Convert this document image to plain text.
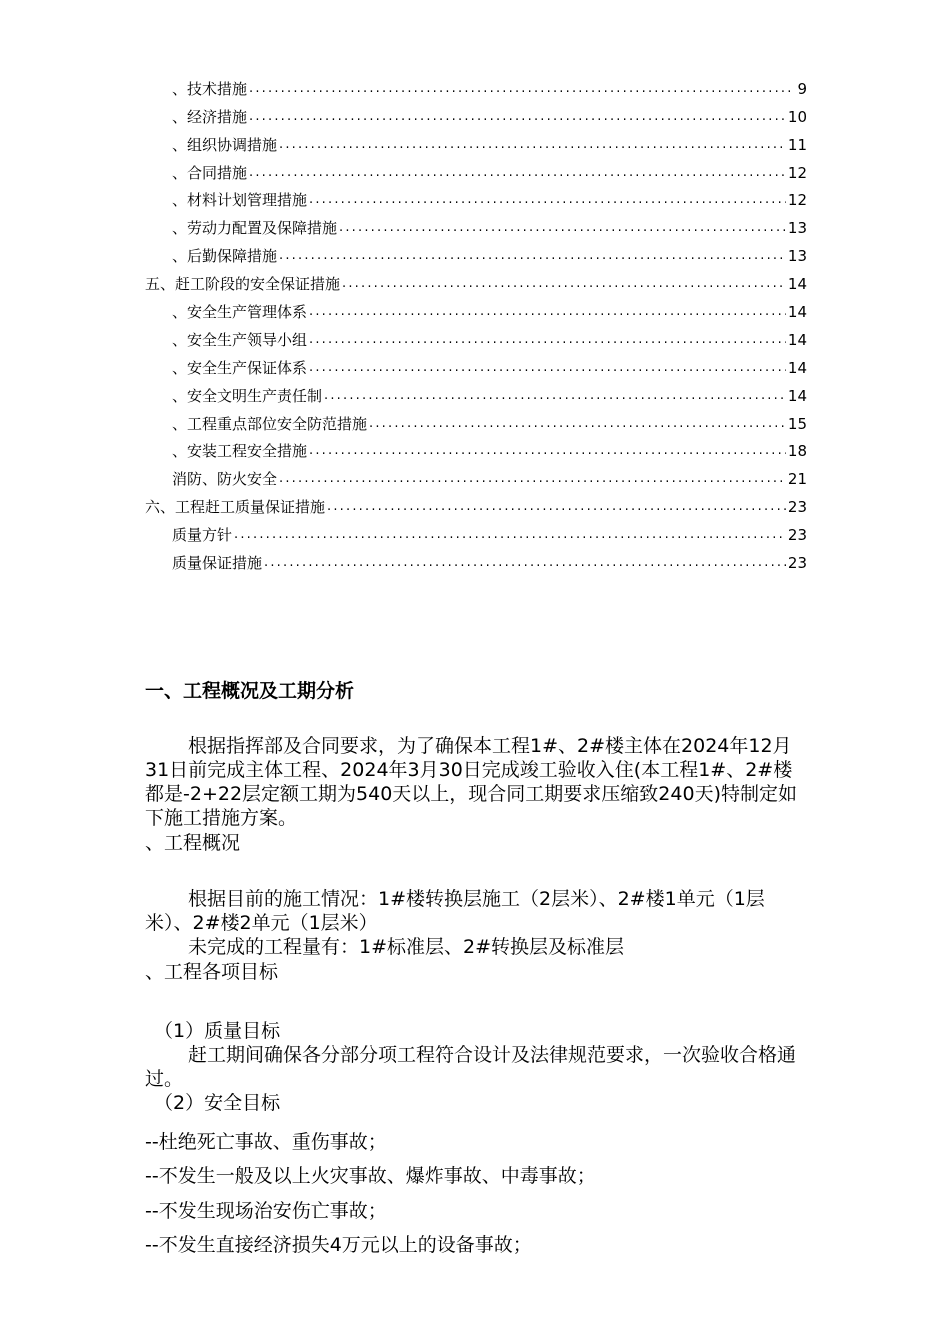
、技术措施 .....	9
、经济措施 .....	10
、组织协调措施 .....	11
、合同措施 .....	12
、材料计划管理措施 .....	12
、劳动力配置及保障措施 .....	13
、后勤保障措施 .....	13
五、赶工阶段的安全保证措施 .....	14
、安全生产管理体系 .....	14
、安全生产领导小组 .....	14
、安全生产保证体系 .....	14
、安全文明生产责任制 .....	14
、工程重点部位安全防范措施 .....	15
、安装工程安全措施 .....	18
消防、防火安全 .....	21
六、工程赶工质量保证措施 .....	23
质量方针 .....	23
质量保证措施 .....	23
一、工程概况及工期分析

根据指挥部及合同要求，为了确保本工程1#、2#楼主体在2024年12月31日前完成主体工程、2024年3月30日完成竣工验收入住(本工程1#、2#楼都是-2+22层定额工期为540天以上，现合同工期要求压缩致240天)特制定如下施工措施方案。

、工程概况

根据目前的施工情况：1#楼转换层施工（2层米）、2#楼1单元（1层米）、2#楼2单元（1层米）

未完成的工程量有：1#标准层、2#转换层及标准层

、工程各项目标

（1）质量目标

赶工期间确保各分部分项工程符合设计及法律规范要求，一次验收合格通过。

（2）安全目标

--杜绝死亡事故、重伤事故；

--不发生一般及以上火灾事故、爆炸事故、中毒事故；

--不发生现场治安伤亡事故；

--不发生直接经济损失4万元以上的设备事故；
